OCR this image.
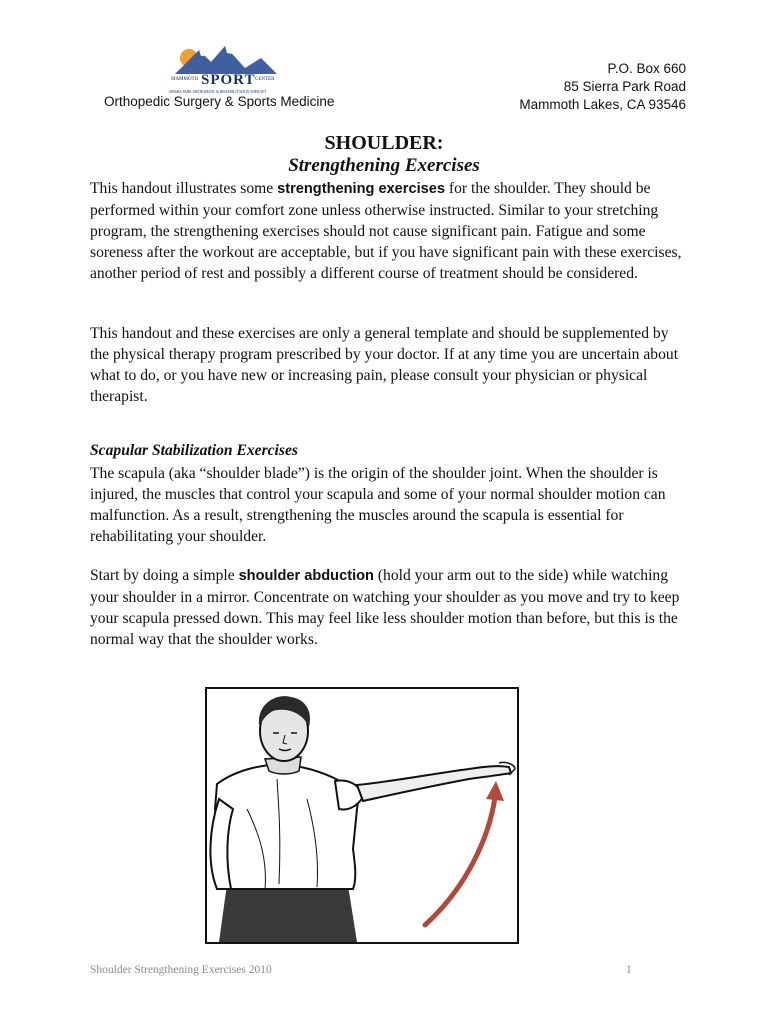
MAMMOTH SPORT CENTER
SIERRA PARK ORTHOPEDIC & REHABILITATION THERAPY
Orthopedic Surgery & Sports Medicine
P.O. Box 660
85 Sierra Park Road
Mammoth Lakes, CA 93546
SHOULDER:
Strengthening Exercises
This handout illustrates some strengthening exercises for the shoulder. They should be performed within your comfort zone unless otherwise instructed. Similar to your stretching program, the strengthening exercises should not cause significant pain. Fatigue and some soreness after the workout are acceptable, but if you have significant pain with these exercises, another period of rest and possibly a different course of treatment should be considered.
This handout and these exercises are only a general template and should be supplemented by the physical therapy program prescribed by your doctor. If at any time you are uncertain about what to do, or you have new or increasing pain, please consult your physician or physical therapist.
Scapular Stabilization Exercises
The scapula (aka “shoulder blade”) is the origin of the shoulder joint. When the shoulder is injured, the muscles that control your scapula and some of your normal shoulder motion can malfunction. As a result, strengthening the muscles around the scapula is essential for rehabilitating your shoulder.
Start by doing a simple shoulder abduction (hold your arm out to the side) while watching your shoulder in a mirror. Concentrate on watching your shoulder as you move and try to keep your scapula pressed down. This may feel like less shoulder motion than before, but this is the normal way that the shoulder works.
Shoulder Strengthening Exercises 2010	1
